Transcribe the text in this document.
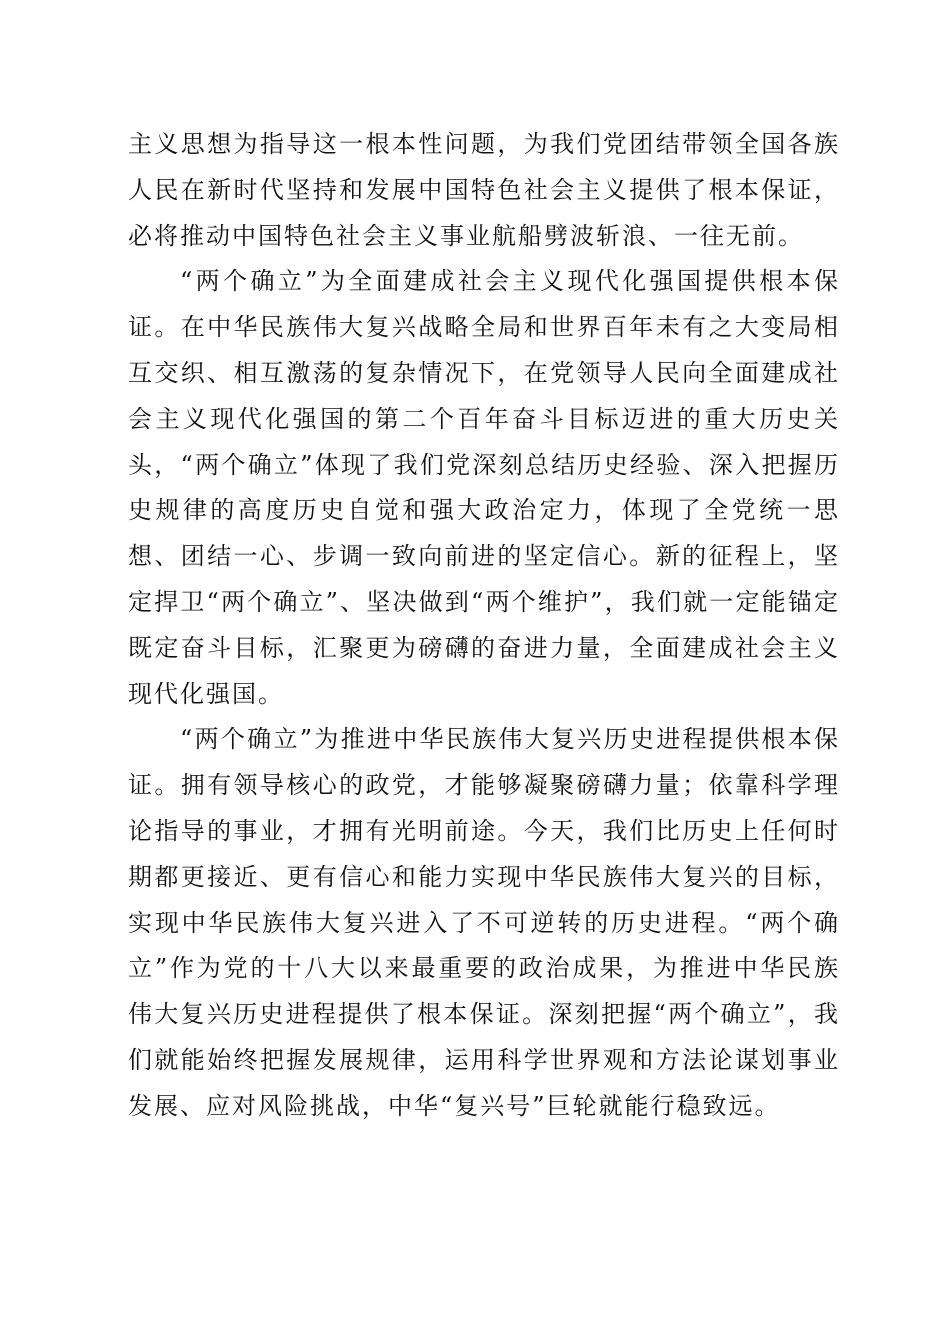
主义思想为指导这一根本性问题，为我们党团结带领全国各族人民在新时代坚持和发展中国特色社会主义提供了根本保证，必将推动中国特色社会主义事业航船劈波斩浪、一往无前。

“两个确立”为全面建成社会主义现代化强国提供根本保证。在中华民族伟大复兴战略全局和世界百年未有之大变局相互交织、相互激荡的复杂情况下，在党领导人民向全面建成社会主义现代化强国的第二个百年奋斗目标迈进的重大历史关头，“两个确立”体现了我们党深刻总结历史经验、深入把握历史规律的高度历史自觉和强大政治定力，体现了全党统一思想、团结一心、步调一致向前进的坚定信心。新的征程上，坚定捍卫“两个确立”、坚决做到“两个维护”，我们就一定能锚定既定奋斗目标，汇聚更为磅礴的奋进力量，全面建成社会主义现代化强国。

“两个确立”为推进中华民族伟大复兴历史进程提供根本保证。拥有领导核心的政党，才能够凝聚磅礴力量；依靠科学理论指导的事业，才拥有光明前途。今天，我们比历史上任何时期都更接近、更有信心和能力实现中华民族伟大复兴的目标，实现中华民族伟大复兴进入了不可逆转的历史进程。“两个确立”作为党的十八大以来最重要的政治成果，为推进中华民族伟大复兴历史进程提供了根本保证。深刻把握“两个确立”，我们就能始终把握发展规律，运用科学世界观和方法论谋划事业发展、应对风险挑战，中华“复兴号”巨轮就能行稳致远。
